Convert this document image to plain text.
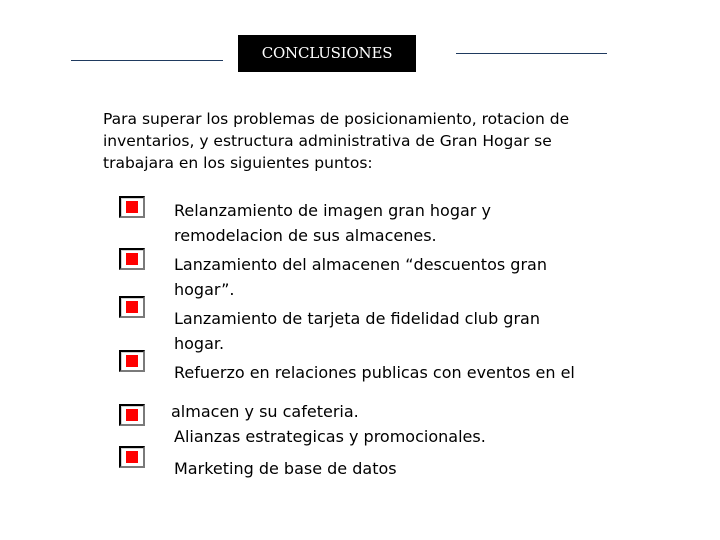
CONCLUSIONES
Para superar los problemas de posicionamiento, rotacion de inventarios, y estructura administrativa de Gran Hogar se trabajara en los siguientes puntos:
Relanzamiento de imagen gran hogar y
remodelacion de sus almacenes.
Lanzamiento del almacenen “descuentos gran
hogar”.
Lanzamiento de tarjeta de fidelidad club gran
hogar.
Refuerzo en relaciones publicas con eventos en el
almacen y su cafeteria.
Alianzas estrategicas y promocionales.
Marketing de base de datos
